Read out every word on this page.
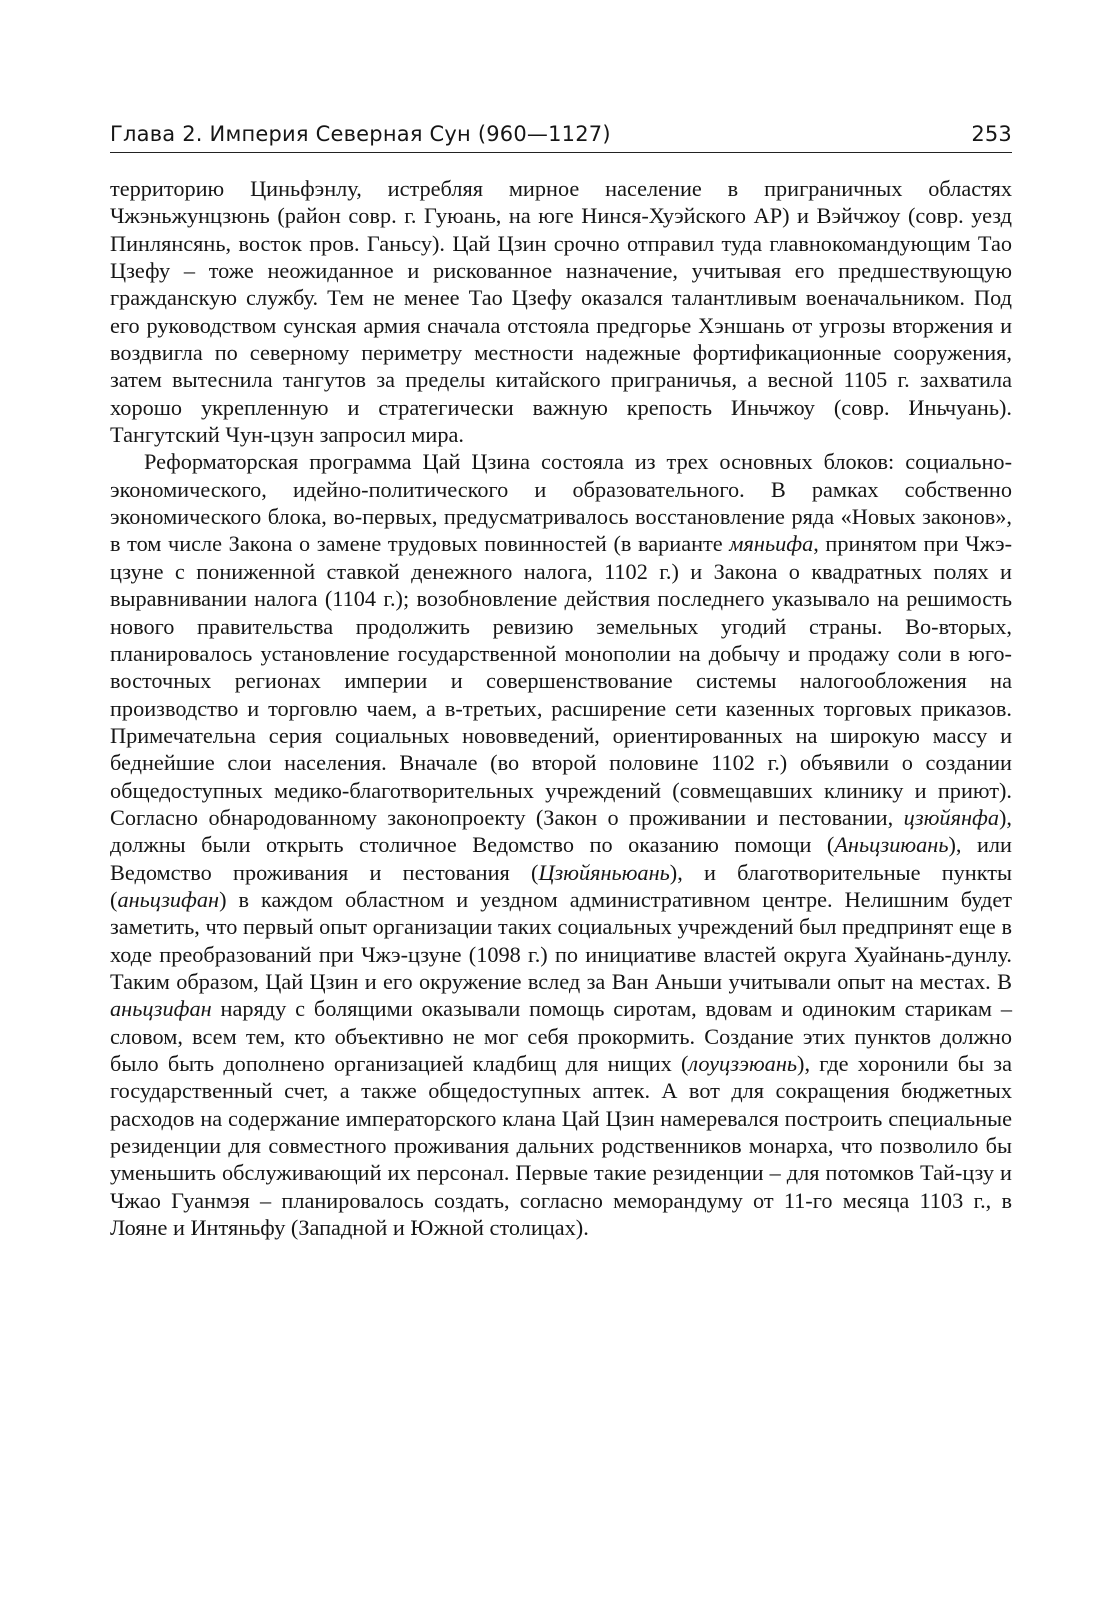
Глава 2. Империя Северная Сун (960—1127)	253

территорию Циньфэнлу, истребляя мирное население в приграничных областях Чжэньжунцзюнь (район совр. г. Гуюань, на юге Нинся-Хуэйского АР) и Вэйчжоу (совр. уезд Пинлянсянь, восток пров. Ганьсу). Цай Цзин срочно отправил туда главнокомандующим Тао Цзефу – тоже неожиданное и рискованное назначение, учитывая его предшествующую гражданскую службу. Тем не менее Тао Цзефу оказался талантливым военачальником. Под его руководством сунская армия сначала отстояла предгорье Хэншань от угрозы вторжения и воздвигла по северному периметру местности надежные фортификационные сооружения, затем вытеснила тангутов за пределы китайского приграничья, а весной 1105 г. захватила хорошо укрепленную и стратегически важную крепость Иньчжоу (совр. Иньчуань). Тангутский Чун-цзун запросил мира.

Реформаторская программа Цай Цзина состояла из трех основных блоков: социально-экономического, идейно-политического и образовательного. В рамках собственно экономического блока, во-первых, предусматривалось восстановление ряда «Новых законов», в том числе Закона о замене трудовых повинностей (в варианте мяньифа, принятом при Чжэ-цзуне с пониженной ставкой денежного налога, 1102 г.) и Закона о квадратных полях и выравнивании налога (1104 г.); возобновление действия последнего указывало на решимость нового правительства продолжить ревизию земельных угодий страны. Во-вторых, планировалось установление государственной монополии на добычу и продажу соли в юго-восточных регионах империи и совершенствование системы налогообложения на производство и торговлю чаем, а в-третьих, расширение сети казенных торговых приказов. Примечательна серия социальных нововведений, ориентированных на широкую массу и беднейшие слои населения. Вначале (во второй половине 1102 г.) объявили о создании общедоступных медико-благотворительных учреждений (совмещавших клинику и приют). Согласно обнародованному законопроекту (Закон о проживании и пестовании, цзюйянфа), должны были открыть столичное Ведомство по оказанию помощи (Аньцзиюань), или Ведомство проживания и пестования (Цзюйяньюань), и благотворительные пункты (аньцзифан) в каждом областном и уездном административном центре. Нелишним будет заметить, что первый опыт организации таких социальных учреждений был предпринят еще в ходе преобразований при Чжэ-цзуне (1098 г.) по инициативе властей округа Хуайнань-дунлу. Таким образом, Цай Цзин и его окружение вслед за Ван Аньши учитывали опыт на местах. В аньцзифан наряду с болящими оказывали помощь сиротам, вдовам и одиноким старикам – словом, всем тем, кто объективно не мог себя прокормить. Создание этих пунктов должно было быть дополнено организацией кладбищ для нищих (лоуцзэюань), где хоронили бы за государственный счет, а также общедоступных аптек. А вот для сокращения бюджетных расходов на содержание императорского клана Цай Цзин намеревался построить специальные резиденции для совместного проживания дальних родственников монарха, что позволило бы уменьшить обслуживающий их персонал. Первые такие резиденции – для потомков Тай-цзу и Чжао Гуанмэя – планировалось создать, согласно меморандуму от 11-го месяца 1103 г., в Лояне и Интяньфу (Западной и Южной столицах).
